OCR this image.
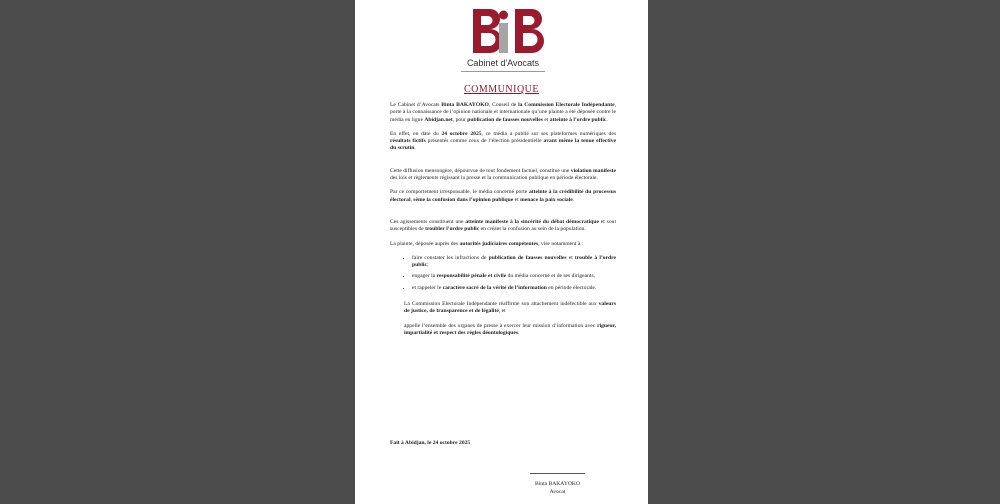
Cabinet d'Avocats
COMMUNIQUE

Le Cabinet d’Avocats Binta BAKAYOKO, Conseil de la Commission Electorale Indépendante, porte à la connaissance de l’opinion nationale et internationale qu’une plainte a été déposée contre le média en ligne Abidjan.net, pour publication de fausses nouvelles et atteinte à l’ordre public.

En effet, en date du 24 octobre 2025, ce média a publié sur ses plateformes numériques des résultats fictifs présentés comme ceux de l’élection présidentielle avant même la tenue effective du scrutin.

Cette diffusion mensongère, dépourvue de tout fondement factuel, constitue une violation manifeste des lois et règlements régissant la presse et la communication publique en période électorale.

Par ce comportement irresponsable, le média concerné porte atteinte à la crédibilité du processus électoral, sème la confusion dans l’opinion publique et menace la paix sociale.

Ces agissements constituent une atteinte manifeste à la sincérité du débat démocratique et sont susceptibles de troubler l’ordre public en créant la confusion au sein de la population.

La plainte, déposée auprès des autorités judiciaires compétentes, vise notamment à :

• faire constater les infractions de publication de fausses nouvelles et trouble à l’ordre public;
• engager la responsabilité pénale et civile du média concerné et de ses dirigeants,
• et rappeler le caractère sacré de la vérité de l’information en période électorale.

La Commission Electorale Indépendante réaffirme son attachement indéfectible aux valeurs de justice, de transparence et de légalité, et

appelle l’ensemble des organes de presse à exercer leur mission d’information avec rigueur, impartialité et respect des règles déontologiques.

Fait à Abidjan, le 24 octobre 2025
Binta BAKAYOKO
Avocat
